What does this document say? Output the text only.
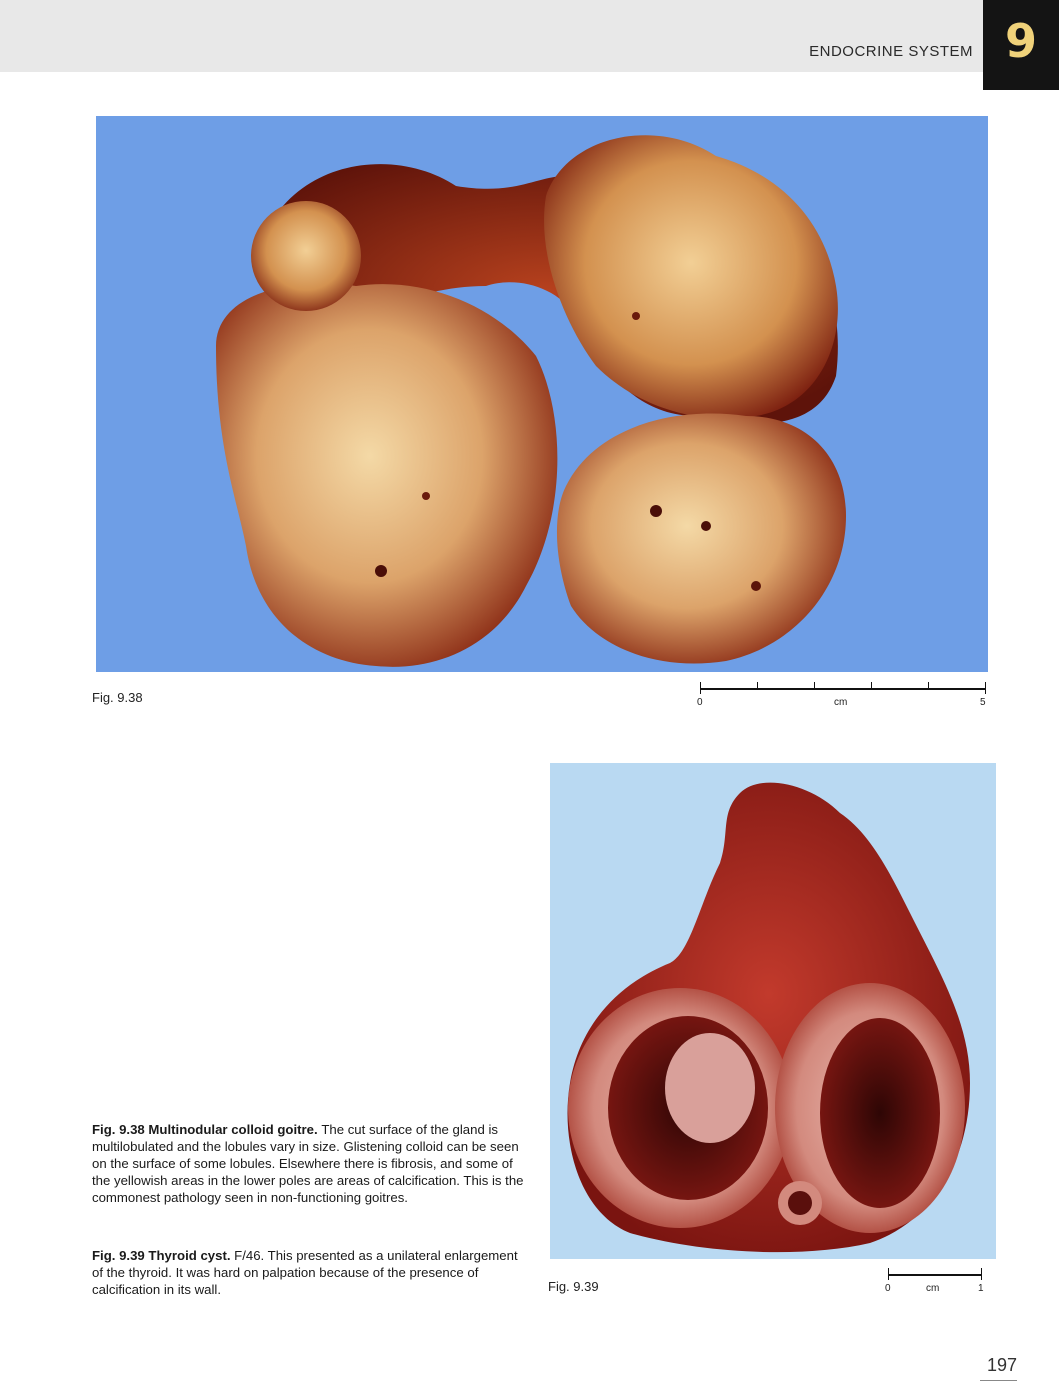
ENDOCRINE SYSTEM 9
Fig. 9.38	0	cm	5
Fig. 9.39	0	cm	1
Fig. 9.38 Multinodular colloid goitre. The cut surface of the gland is multilobulated and the lobules vary in size. Glistening colloid can be seen on the surface of some lobules. Elsewhere there is fibrosis, and some of the yellowish areas in the lower poles are areas of calcification. This is the commonest pathology seen in non-functioning goitres.
Fig. 9.39 Thyroid cyst. F/46. This presented as a unilateral enlargement of the thyroid. It was hard on palpation because of the presence of calcification in its wall.
197
